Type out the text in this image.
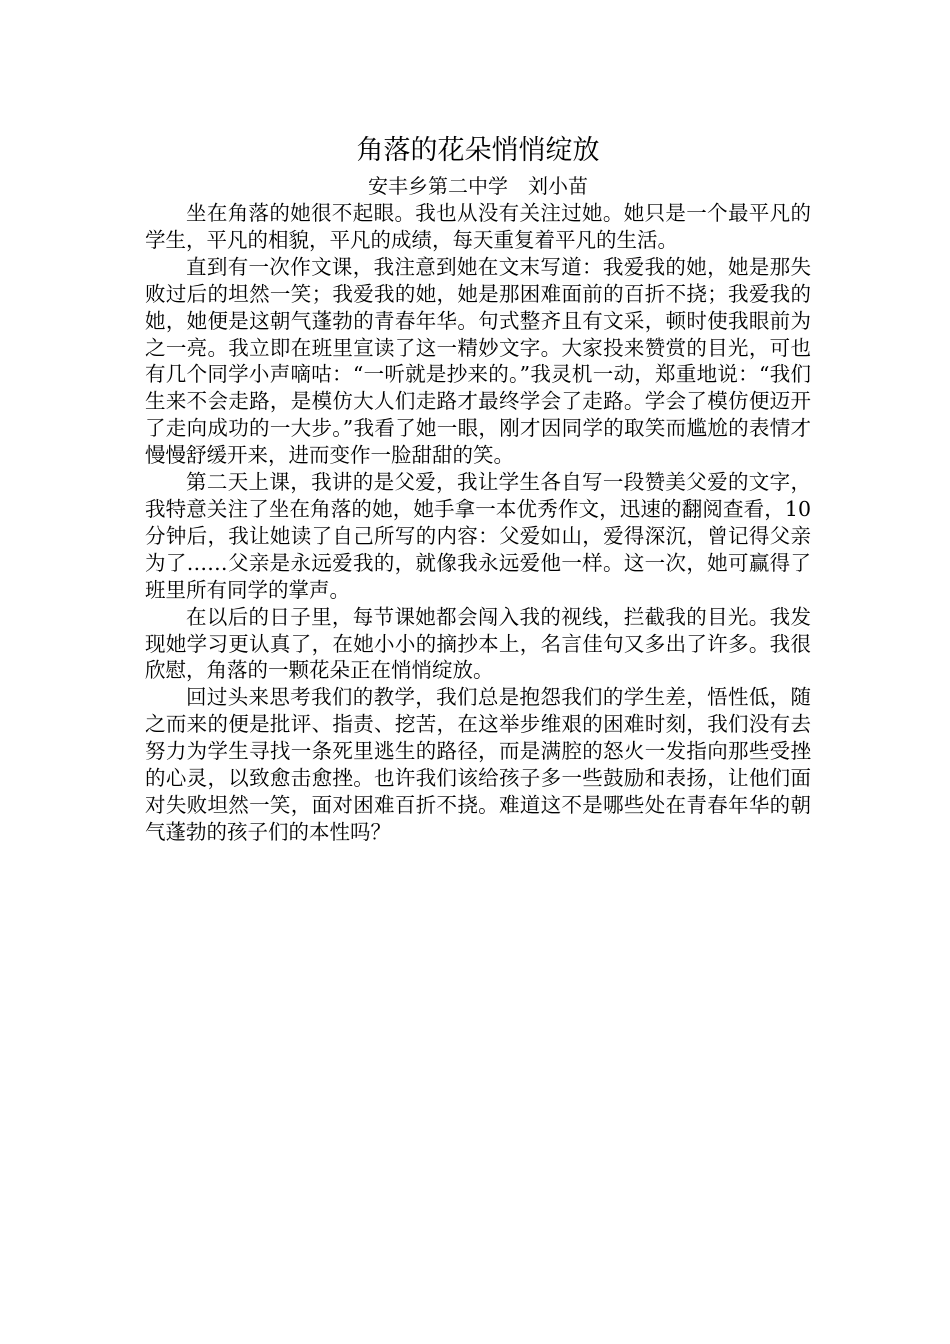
角落的花朵悄悄绽放

安丰乡第二中学　刘小苗

坐在角落的她很不起眼。我也从没有关注过她。她只是一个最平凡的学生，平凡的相貌，平凡的成绩，每天重复着平凡的生活。

直到有一次作文课，我注意到她在文末写道：我爱我的她，她是那失败过后的坦然一笑；我爱我的她，她是那困难面前的百折不挠；我爱我的她，她便是这朝气蓬勃的青春年华。句式整齐且有文采，顿时使我眼前为之一亮。我立即在班里宣读了这一精妙文字。大家投来赞赏的目光，可也有几个同学小声嘀咕：“一听就是抄来的。”我灵机一动，郑重地说：“我们生来不会走路，是模仿大人们走路才最终学会了走路。学会了模仿便迈开了走向成功的一大步。”我看了她一眼，刚才因同学的取笑而尴尬的表情才慢慢舒缓开来，进而变作一脸甜甜的笑。

第二天上课，我讲的是父爱，我让学生各自写一段赞美父爱的文字，我特意关注了坐在角落的她，她手拿一本优秀作文，迅速的翻阅查看，10分钟后，我让她读了自己所写的内容：父爱如山，爱得深沉，曾记得父亲为了……父亲是永远爱我的，就像我永远爱他一样。这一次，她可赢得了班里所有同学的掌声。

在以后的日子里，每节课她都会闯入我的视线，拦截我的目光。我发现她学习更认真了，在她小小的摘抄本上，名言佳句又多出了许多。我很欣慰，角落的一颗花朵正在悄悄绽放。

回过头来思考我们的教学，我们总是抱怨我们的学生差，悟性低，随之而来的便是批评、指责、挖苦，在这举步维艰的困难时刻，我们没有去努力为学生寻找一条死里逃生的路径，而是满腔的怒火一发指向那些受挫的心灵，以致愈击愈挫。也许我们该给孩子多一些鼓励和表扬，让他们面对失败坦然一笑，面对困难百折不挠。难道这不是哪些处在青春年华的朝气蓬勃的孩子们的本性吗？
